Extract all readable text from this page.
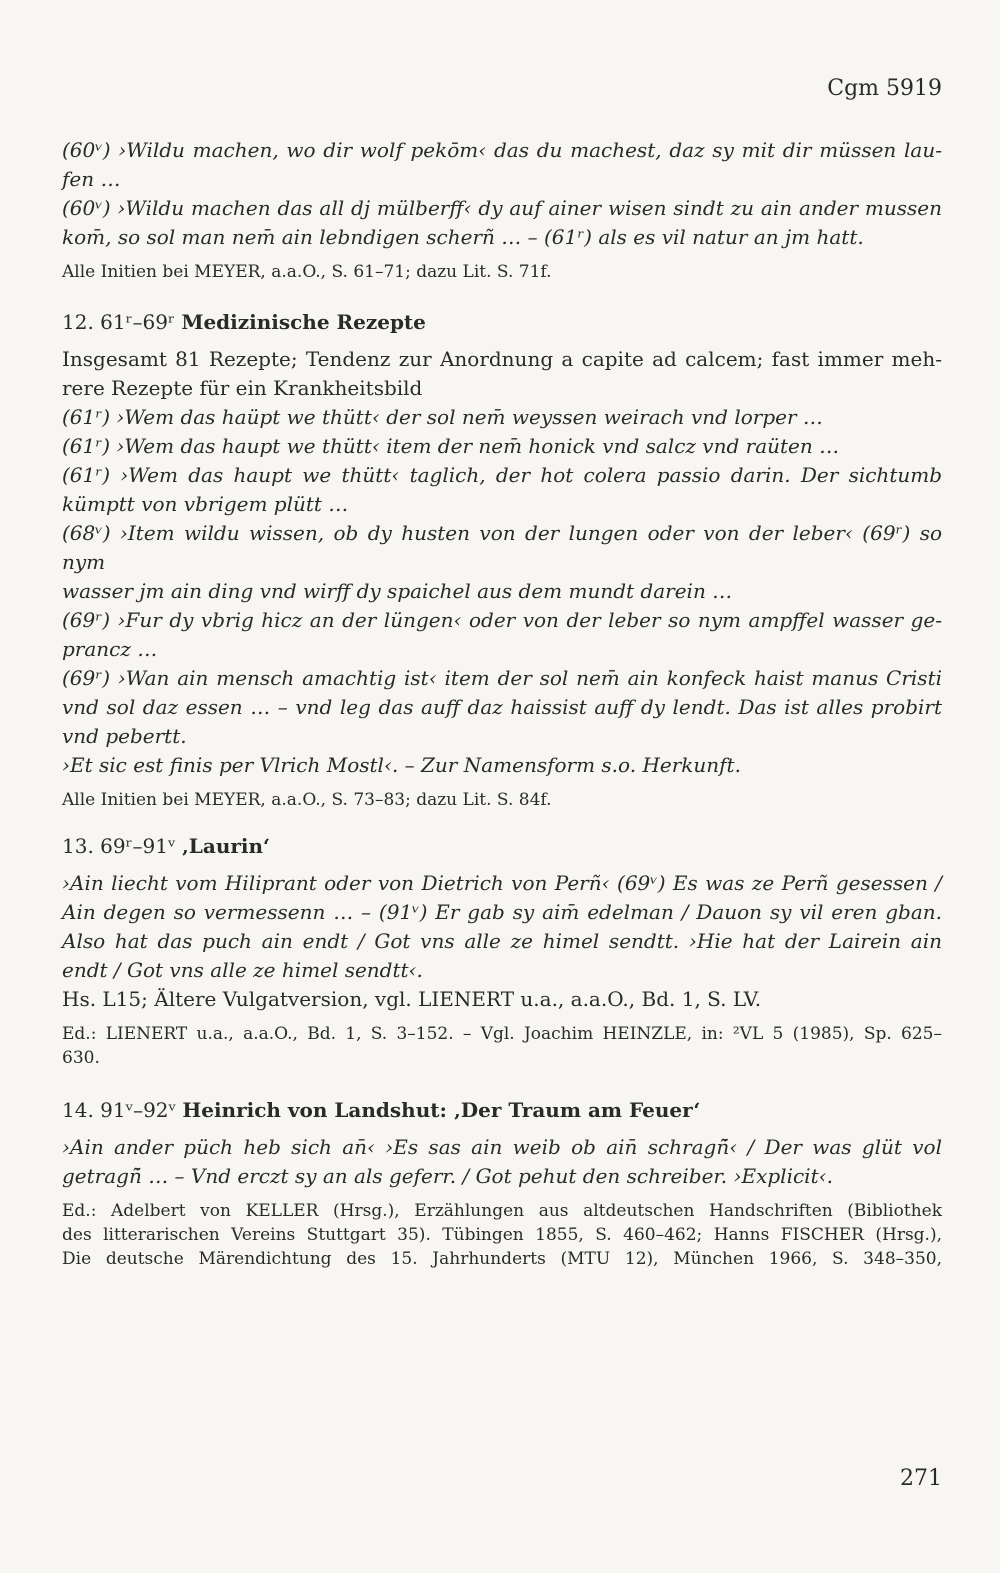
Cgm 5919
(60ᵛ) ›Wildu machen, wo dir wolf pekōm‹ das du machest, daz sy mit dir müssen lau-
fen …
(60ᵛ) ›Wildu machen das all dj mülberff‹ dy auf ainer wisen sindt zu ain ander mussen
kom̄, so sol man nem̄ ain lebndigen scherñ … – (61ʳ) als es vil natur an jm hatt.
Alle Initien bei MEYER, a.a.O., S. 61–71; dazu Lit. S. 71f.
12. 61ʳ–69ʳ Medizinische Rezepte
Insgesamt 81 Rezepte; Tendenz zur Anordnung a capite ad calcem; fast immer meh-
rere Rezepte für ein Krankheitsbild
(61ʳ) ›Wem das haüpt we thütt‹ der sol nem̄ weyssen weirach vnd lorper …
(61ʳ) ›Wem das haupt we thütt‹ item der nem̄ honick vnd salcz vnd raüten …
(61ʳ) ›Wem das haupt we thütt‹ taglich, der hot colera passio darin. Der sichtumb
kümptt von vbrigem plütt …
(68ᵛ) ›Item wildu wissen, ob dy husten von der lungen oder von der leber‹ (69ʳ) so nym
wasser jm ain ding vnd wirff dy spaichel aus dem mundt darein …
(69ʳ) ›Fur dy vbrig hicz an der lüngen‹ oder von der leber so nym ampffel wasser ge-
prancz …
(69ʳ) ›Wan ain mensch amachtig ist‹ item der sol nem̄ ain konfeck haist manus Cristi
vnd sol daz essen … – vnd leg das auff daz haissist auff dy lendt. Das ist alles probirt
vnd pebertt.
›Et sic est finis per Vlrich Mostl‹. – Zur Namensform s.o. Herkunft.
Alle Initien bei MEYER, a.a.O., S. 73–83; dazu Lit. S. 84f.
13. 69ʳ–91ᵛ ‚Laurin‘
›Ain liecht vom Hiliprant oder von Dietrich von Perñ‹ (69ᵛ) Es was ze Perñ gesessen /
Ain degen so vermessenn … – (91ᵛ) Er gab sy aim̄ edelman / Dauon sy vil eren gban.
Also hat das puch ain endt / Got vns alle ze himel sendtt. ›Hie hat der Lairein ain
endt / Got vns alle ze himel sendtt‹.
Hs. L15; Ältere Vulgatversion, vgl. LIENERT u.a., a.a.O., Bd. 1, S. LV.
Ed.: LIENERT u.a., a.a.O., Bd. 1, S. 3–152. – Vgl. Joachim HEINZLE, in: ²VL 5 (1985), Sp. 625–
630.
14. 91ᵛ–92ᵛ Heinrich von Landshut: ‚Der Traum am Feuer‘
›Ain ander püch heb sich an̄‹ ›Es sas ain weib ob ain̄ schragñ̄‹ / Der was glüt vol
getragñ̄ … – Vnd erczt sy an als geferr. / Got pehut den schreiber. ›Explicit‹.
Ed.: Adelbert von KELLER (Hrsg.), Erzählungen aus altdeutschen Handschriften (Bibliothek
des litterarischen Vereins Stuttgart 35). Tübingen 1855, S. 460–462; Hanns FISCHER (Hrsg.),
Die deutsche Märendichtung des 15. Jahrhunderts (MTU 12), München 1966, S. 348–350,
271
